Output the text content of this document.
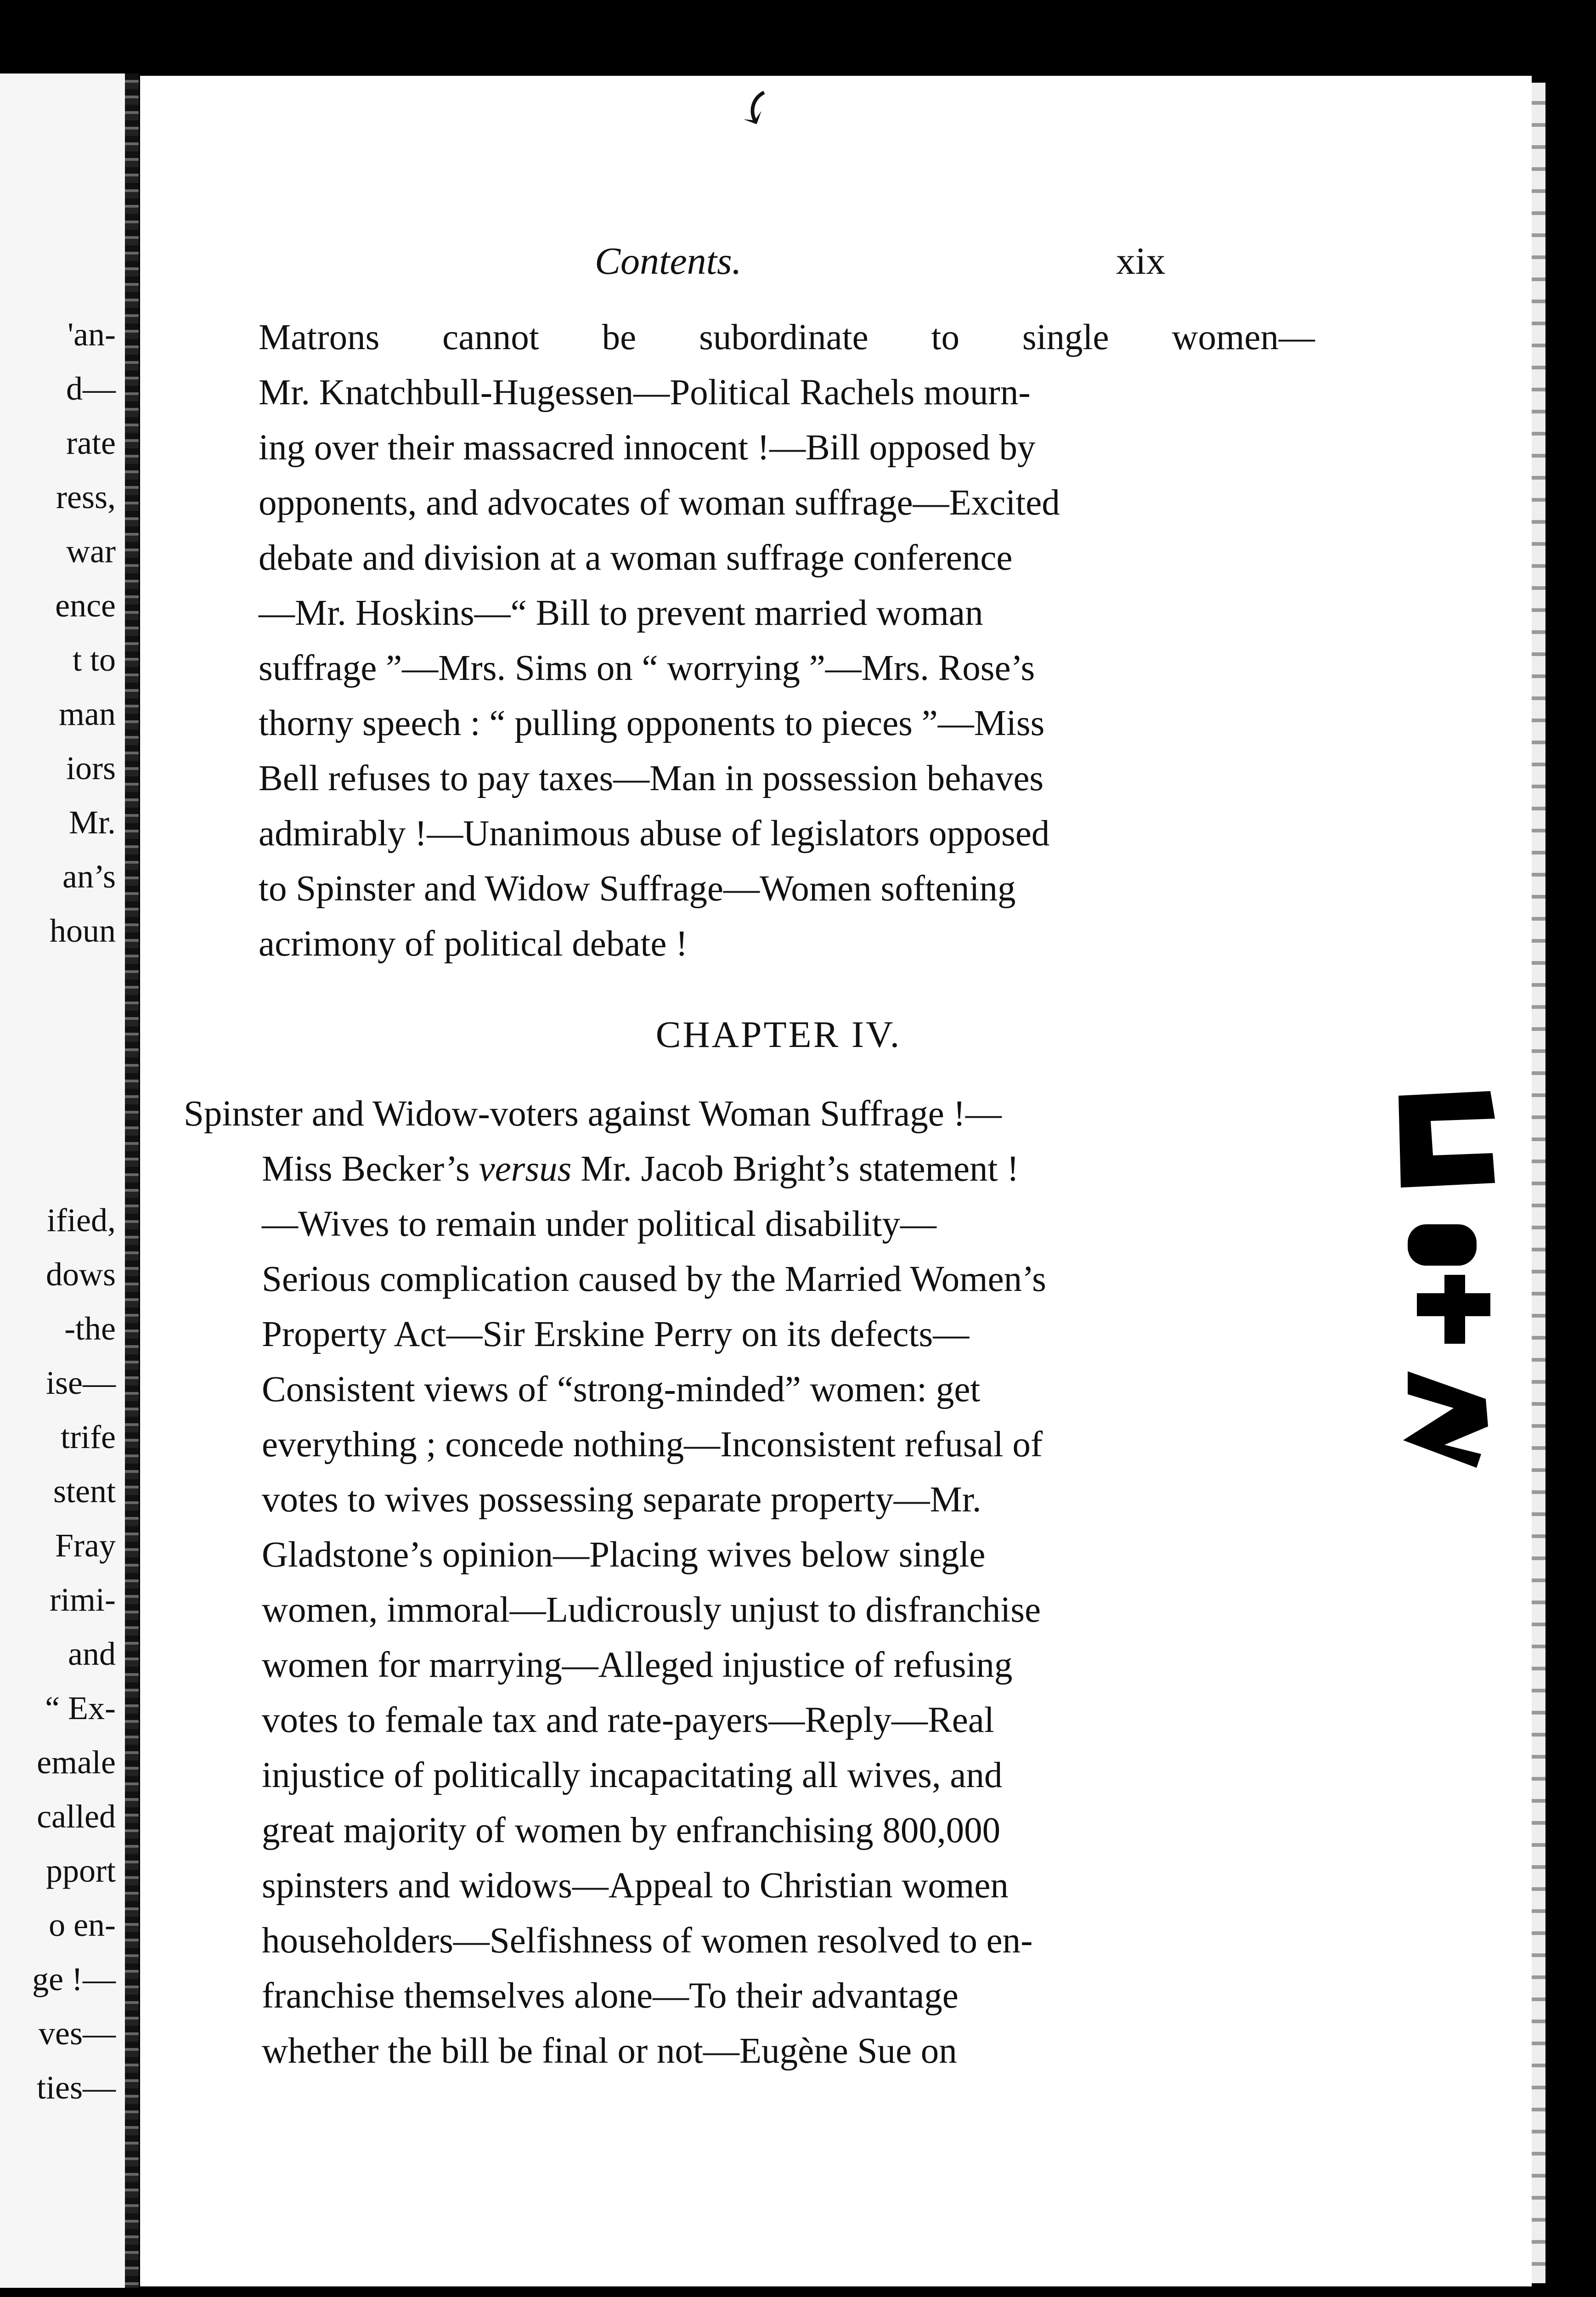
'an-
d—
rate
ress,
war
ence
t to
man
iors
Mr.
an’s
houn
ified,
dows
-the
ise—
trife
stent
Fray
rimi-
and
“ Ex-
emale
called
pport
o en-
ge !—
ves—
ties—
⤹
Contents.	xix
Matrons cannot be subordinate to single women—
Mr. Knatchbull-Hugessen—Political Rachels mourn-
ing over their massacred innocent !—Bill opposed by
opponents, and advocates of woman suffrage—Excited
debate and division at a woman suffrage conference
—Mr. Hoskins—“ Bill to prevent married woman
suffrage ”—Mrs. Sims on “ worrying ”—Mrs. Rose’s
thorny speech : “ pulling opponents to pieces ”—Miss
Bell refuses to pay taxes—Man in possession behaves
admirably !—Unanimous abuse of legislators opposed
to Spinster and Widow Suffrage—Women softening
acrimony of political debate !
CHAPTER IV.
Spinster and Widow-voters against Woman Suffrage !—
Miss Becker’s versus Mr. Jacob Bright’s statement !
—Wives to remain under political disability—
Serious complication caused by the Married Women’s
Property Act—Sir Erskine Perry on its defects—
Consistent views of “strong-minded” women: get
everything ; concede nothing—Inconsistent refusal of
votes to wives possessing separate property—Mr.
Gladstone’s opinion—Placing wives below single
women, immoral—Ludicrously unjust to disfranchise
women for marrying—Alleged injustice of refusing
votes to female tax and rate-payers—Reply—Real
injustice of politically incapacitating all wives, and
great majority of women by enfranchising 800,000
spinsters and widows—Appeal to Christian women
householders—Selfishness of women resolved to en-
franchise themselves alone—To their advantage
whether the bill be final or not—Eugène Sue on
